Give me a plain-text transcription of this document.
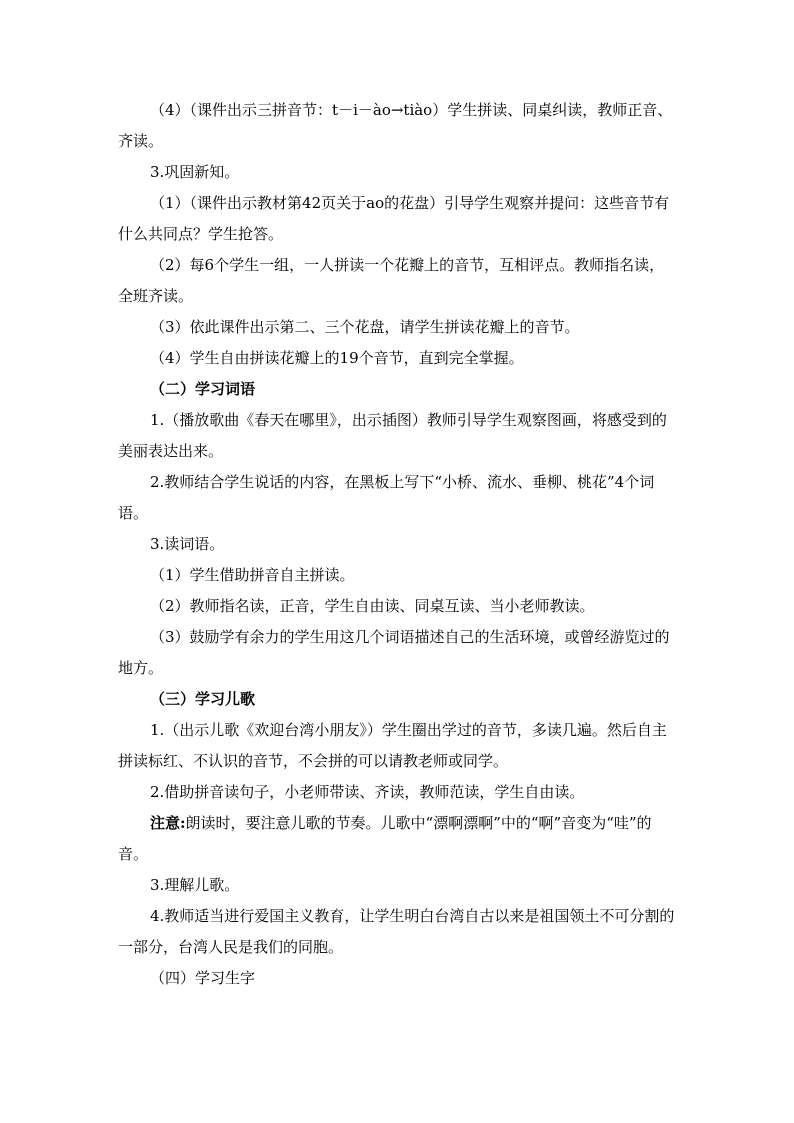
（4）（课件出示三拼音节：t－i－ào→tiào）学生拼读、同桌纠读，教师正音、齐读。

3.巩固新知。

（1）（课件出示教材第42页关于ao的花盘）引导学生观察并提问：这些音节有什么共同点？学生抢答。

（2）每6个学生一组，一人拼读一个花瓣上的音节，互相评点。教师指名读，全班齐读。

（3）依此课件出示第二、三个花盘，请学生拼读花瓣上的音节。

（4）学生自由拼读花瓣上的19个音节，直到完全掌握。

（二）学习词语

1.（播放歌曲《春天在哪里》，出示插图）教师引导学生观察图画，将感受到的美丽表达出来。

2.教师结合学生说话的内容，在黑板上写下“小桥、流水、垂柳、桃花”4个词语。

3.读词语。

（1）学生借助拼音自主拼读。

（2）教师指名读，正音，学生自由读、同桌互读、当小老师教读。

（3）鼓励学有余力的学生用这几个词语描述自己的生活环境，或曾经游览过的地方。

（三）学习儿歌

1.（出示儿歌《欢迎台湾小朋友》）学生圈出学过的音节，多读几遍。然后自主拼读标红、不认识的音节，不会拼的可以请教老师或同学。

2.借助拼音读句子，小老师带读、齐读，教师范读，学生自由读。

注意:朗读时，要注意儿歌的节奏。儿歌中“漂啊漂啊”中的“啊”音变为“哇”的音。

3.理解儿歌。

4.教师适当进行爱国主义教育，让学生明白台湾自古以来是祖国领土不可分割的一部分，台湾人民是我们的同胞。

（四）学习生字
